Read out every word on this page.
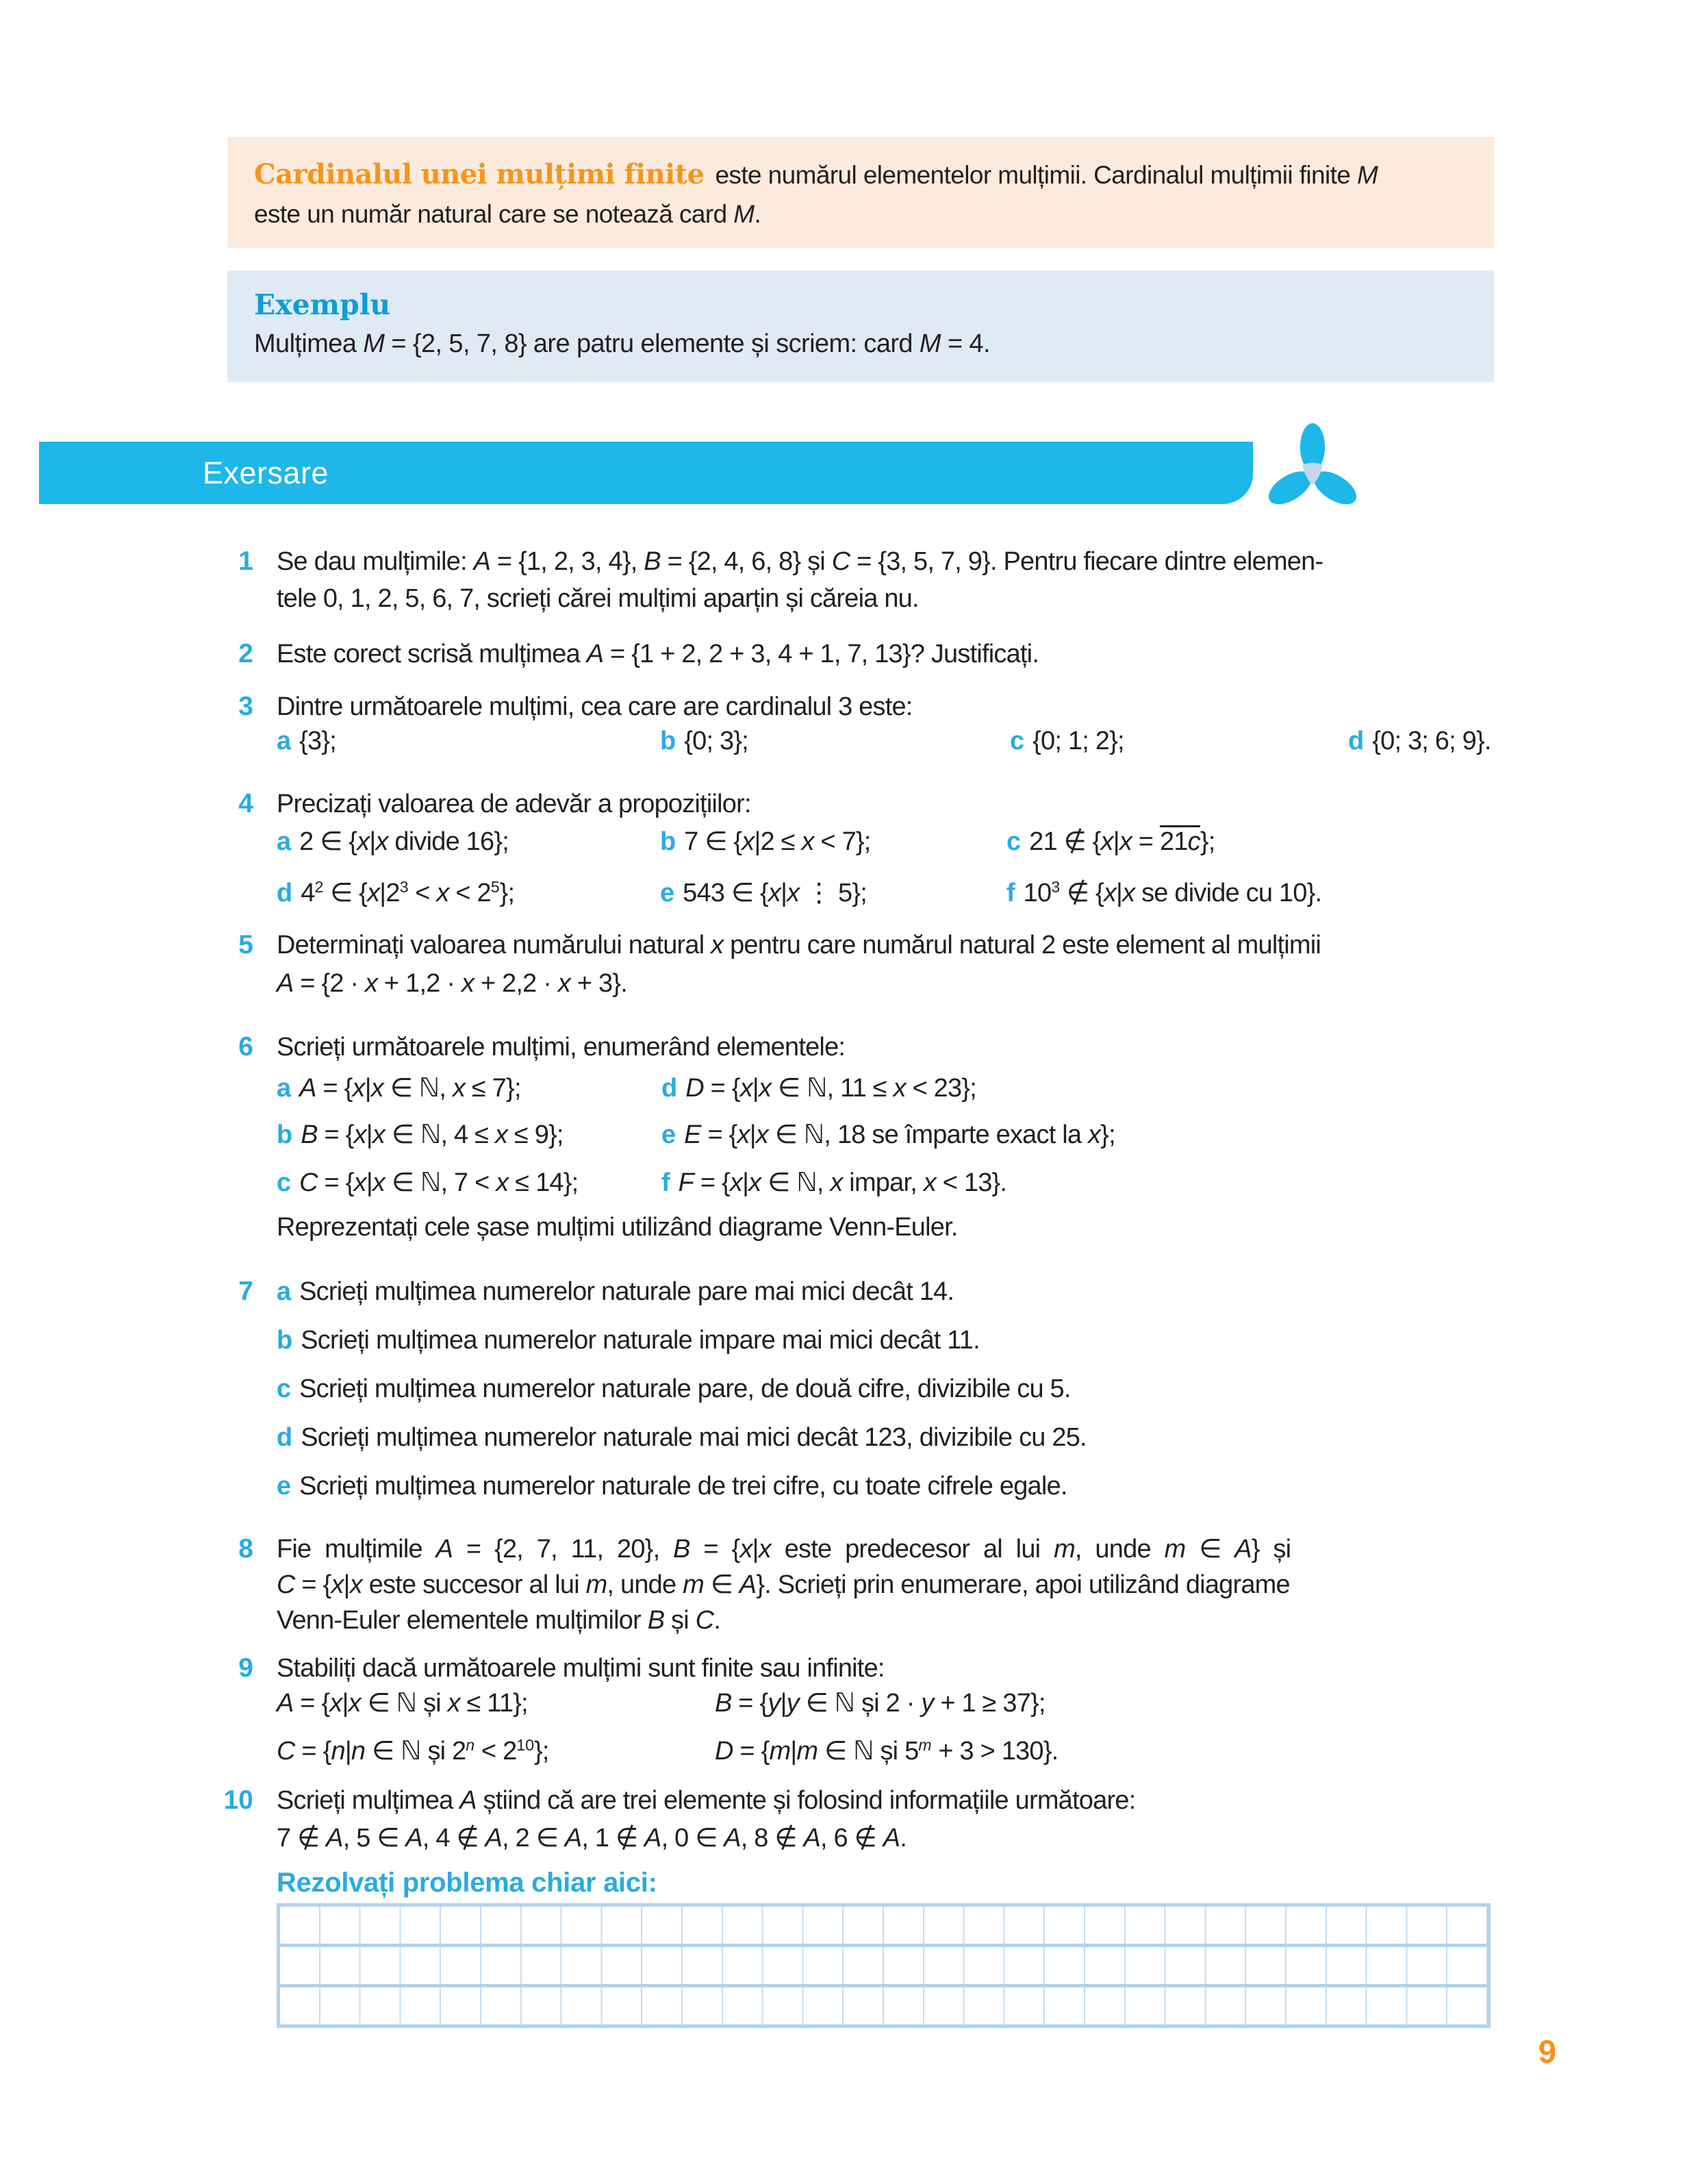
Cardinalul unei mulțimi finite este numărul elementelor mulțimii. Cardinalul mulțimii finite M
este un număr natural care se notează card M.

Exemplu

Mulțimea M = {2, 5, 7, 8} are patru elemente și scriem: card M = 4.

Exersare
1 Se dau mulțimile: A = {1, 2, 3, 4}, B = {2, 4, 6, 8} și C = {3, 5, 7, 9}. Pentru fiecare dintre elemen-
tele 0, 1, 2, 5, 6, 7, scrieți cărei mulțimi aparțin și căreia nu.
2 Este corect scrisă mulțimea A = {1 + 2, 2 + 3, 4 + 1, 7, 13}? Justificați.
3 Dintre următoarele mulțimi, cea care are cardinalul 3 este:
a {3};	b {0; 3};	c {0; 1; 2};	d {0; 3; 6; 9}.
4 Precizați valoarea de adevăr a propozițiilor:
a 2 ∈ {x|x divide 16};	b 7 ∈ {x|2 ≤ x < 7};	c 21 ∉ {x|x = 21c};
d $4^2$ ∈ $\{x|2^3 < x < 2^5\}$;	e 543 ∈ {x|x ⋮ 5};	f $10^3$ ∉ {x|x se divide cu 10}.
5 Determinați valoarea numărului natural x pentru care numărul natural 2 este element al mulțimii
A = {2 · x + 1,2 · x + 2,2 · x + 3}.
6 Scrieți următoarele mulțimi, enumerând elementele:
a A = {x|x ∈ ℕ, x ≤ 7};	d D = {x|x ∈ ℕ, 11 ≤ x < 23};
b B = {x|x ∈ ℕ, 4 ≤ x ≤ 9};	e E = {x|x ∈ ℕ, 18 se împarte exact la x};
c C = {x|x ∈ ℕ, 7 < x ≤ 14};	f F = {x|x ∈ ℕ, x impar, x < 13}.
Reprezentați cele șase mulțimi utilizând diagrame Venn-Euler.
7 a Scrieți mulțimea numerelor naturale pare mai mici decât 14.
b Scrieți mulțimea numerelor naturale impare mai mici decât 11.
c Scrieți mulțimea numerelor naturale pare, de două cifre, divizibile cu 5.
d Scrieți mulțimea numerelor naturale mai mici decât 123, divizibile cu 25.
e Scrieți mulțimea numerelor naturale de trei cifre, cu toate cifrele egale.
8 Fie mulțimile A = {2, 7, 11, 20}, B = {x|x este predecesor al lui m, unde m ∈ A} și
C = {x|x este succesor al lui m, unde m ∈ A}. Scrieți prin enumerare, apoi utilizând diagrame
Venn-Euler elementele mulțimilor B și C.
9 Stabiliți dacă următoarele mulțimi sunt finite sau infinite:
A = {x|x ∈ ℕ și x ≤ 11};	B = {y|y ∈ ℕ și 2 · y + 1 ≥ 37};
C = {n|n ∈ ℕ și $2^n < 2^{10}$};	D = {m|m ∈ ℕ și $5^m + 3 > 130$}.
10 Scrieți mulțimea A știind că are trei elemente și folosind informațiile următoare:
7 ∉ A, 5 ∈ A, 4 ∉ A, 2 ∈ A, 1 ∉ A, 0 ∈ A, 8 ∉ A, 6 ∉ A.
Rezolvați problema chiar aici:
9
